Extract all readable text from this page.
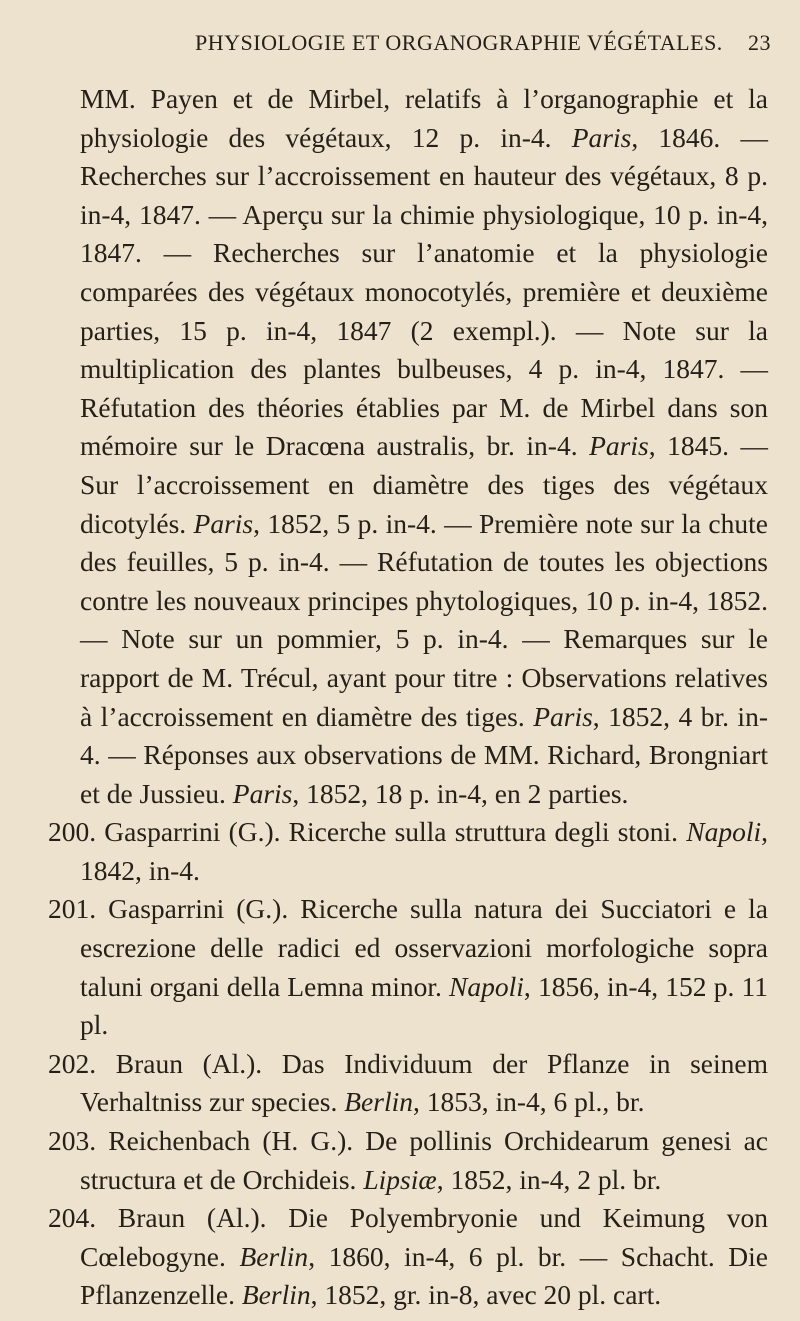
PHYSIOLOGIE ET ORGANOGRAPHIE VÉGÉTALES. 23

MM. Payen et de Mirbel, relatifs à l’organographie et la physiologie des végétaux, 12 p. in-4. Paris, 1846. — Recherches sur l’accroissement en hauteur des végétaux, 8 p. in-4, 1847. — Aperçu sur la chimie physiologique, 10 p. in-4, 1847. — Recherches sur l’anatomie et la physiologie comparées des végétaux monocotylés, première et deuxième parties, 15 p. in-4, 1847 (2 exempl.). — Note sur la multiplication des plantes bulbeuses, 4 p. in-4, 1847. — Réfutation des théories établies par M. de Mirbel dans son mémoire sur le Dracœna australis, br. in-4. Paris, 1845. — Sur l’accroissement en diamètre des tiges des végétaux dicotylés. Paris, 1852, 5 p. in-4. — Première note sur la chute des feuilles, 5 p. in-4. — Réfutation de toutes les objections contre les nouveaux principes phytologiques, 10 p. in-4, 1852. — Note sur un pommier, 5 p. in-4. — Remarques sur le rapport de M. Trécul, ayant pour titre : Observations relatives à l’accroissement en diamètre des tiges. Paris, 1852, 4 br. in-4. — Réponses aux observations de MM. Richard, Brongniart et de Jussieu. Paris, 1852, 18 p. in-4, en 2 parties.

200. Gasparrini (G.). Ricerche sulla struttura degli stoni. Napoli, 1842, in-4.

201. Gasparrini (G.). Ricerche sulla natura dei Succiatori e la escrezione delle radici ed osservazioni morfologiche sopra taluni organi della Lemna minor. Napoli, 1856, in-4, 152 p. 11 pl.

202. Braun (Al.). Das Individuum der Pflanze in seinem Verhaltniss zur species. Berlin, 1853, in-4, 6 pl., br.

203. Reichenbach (H. G.). De pollinis Orchidearum genesi ac structura et de Orchideis. Lipsiæ, 1852, in-4, 2 pl. br.

204. Braun (Al.). Die Polyembryonie und Keimung von Cœlebogyne. Berlin, 1860, in-4, 6 pl. br. — Schacht. Die Pflanzenzelle. Berlin, 1852, gr. in-8, avec 20 pl. cart.
